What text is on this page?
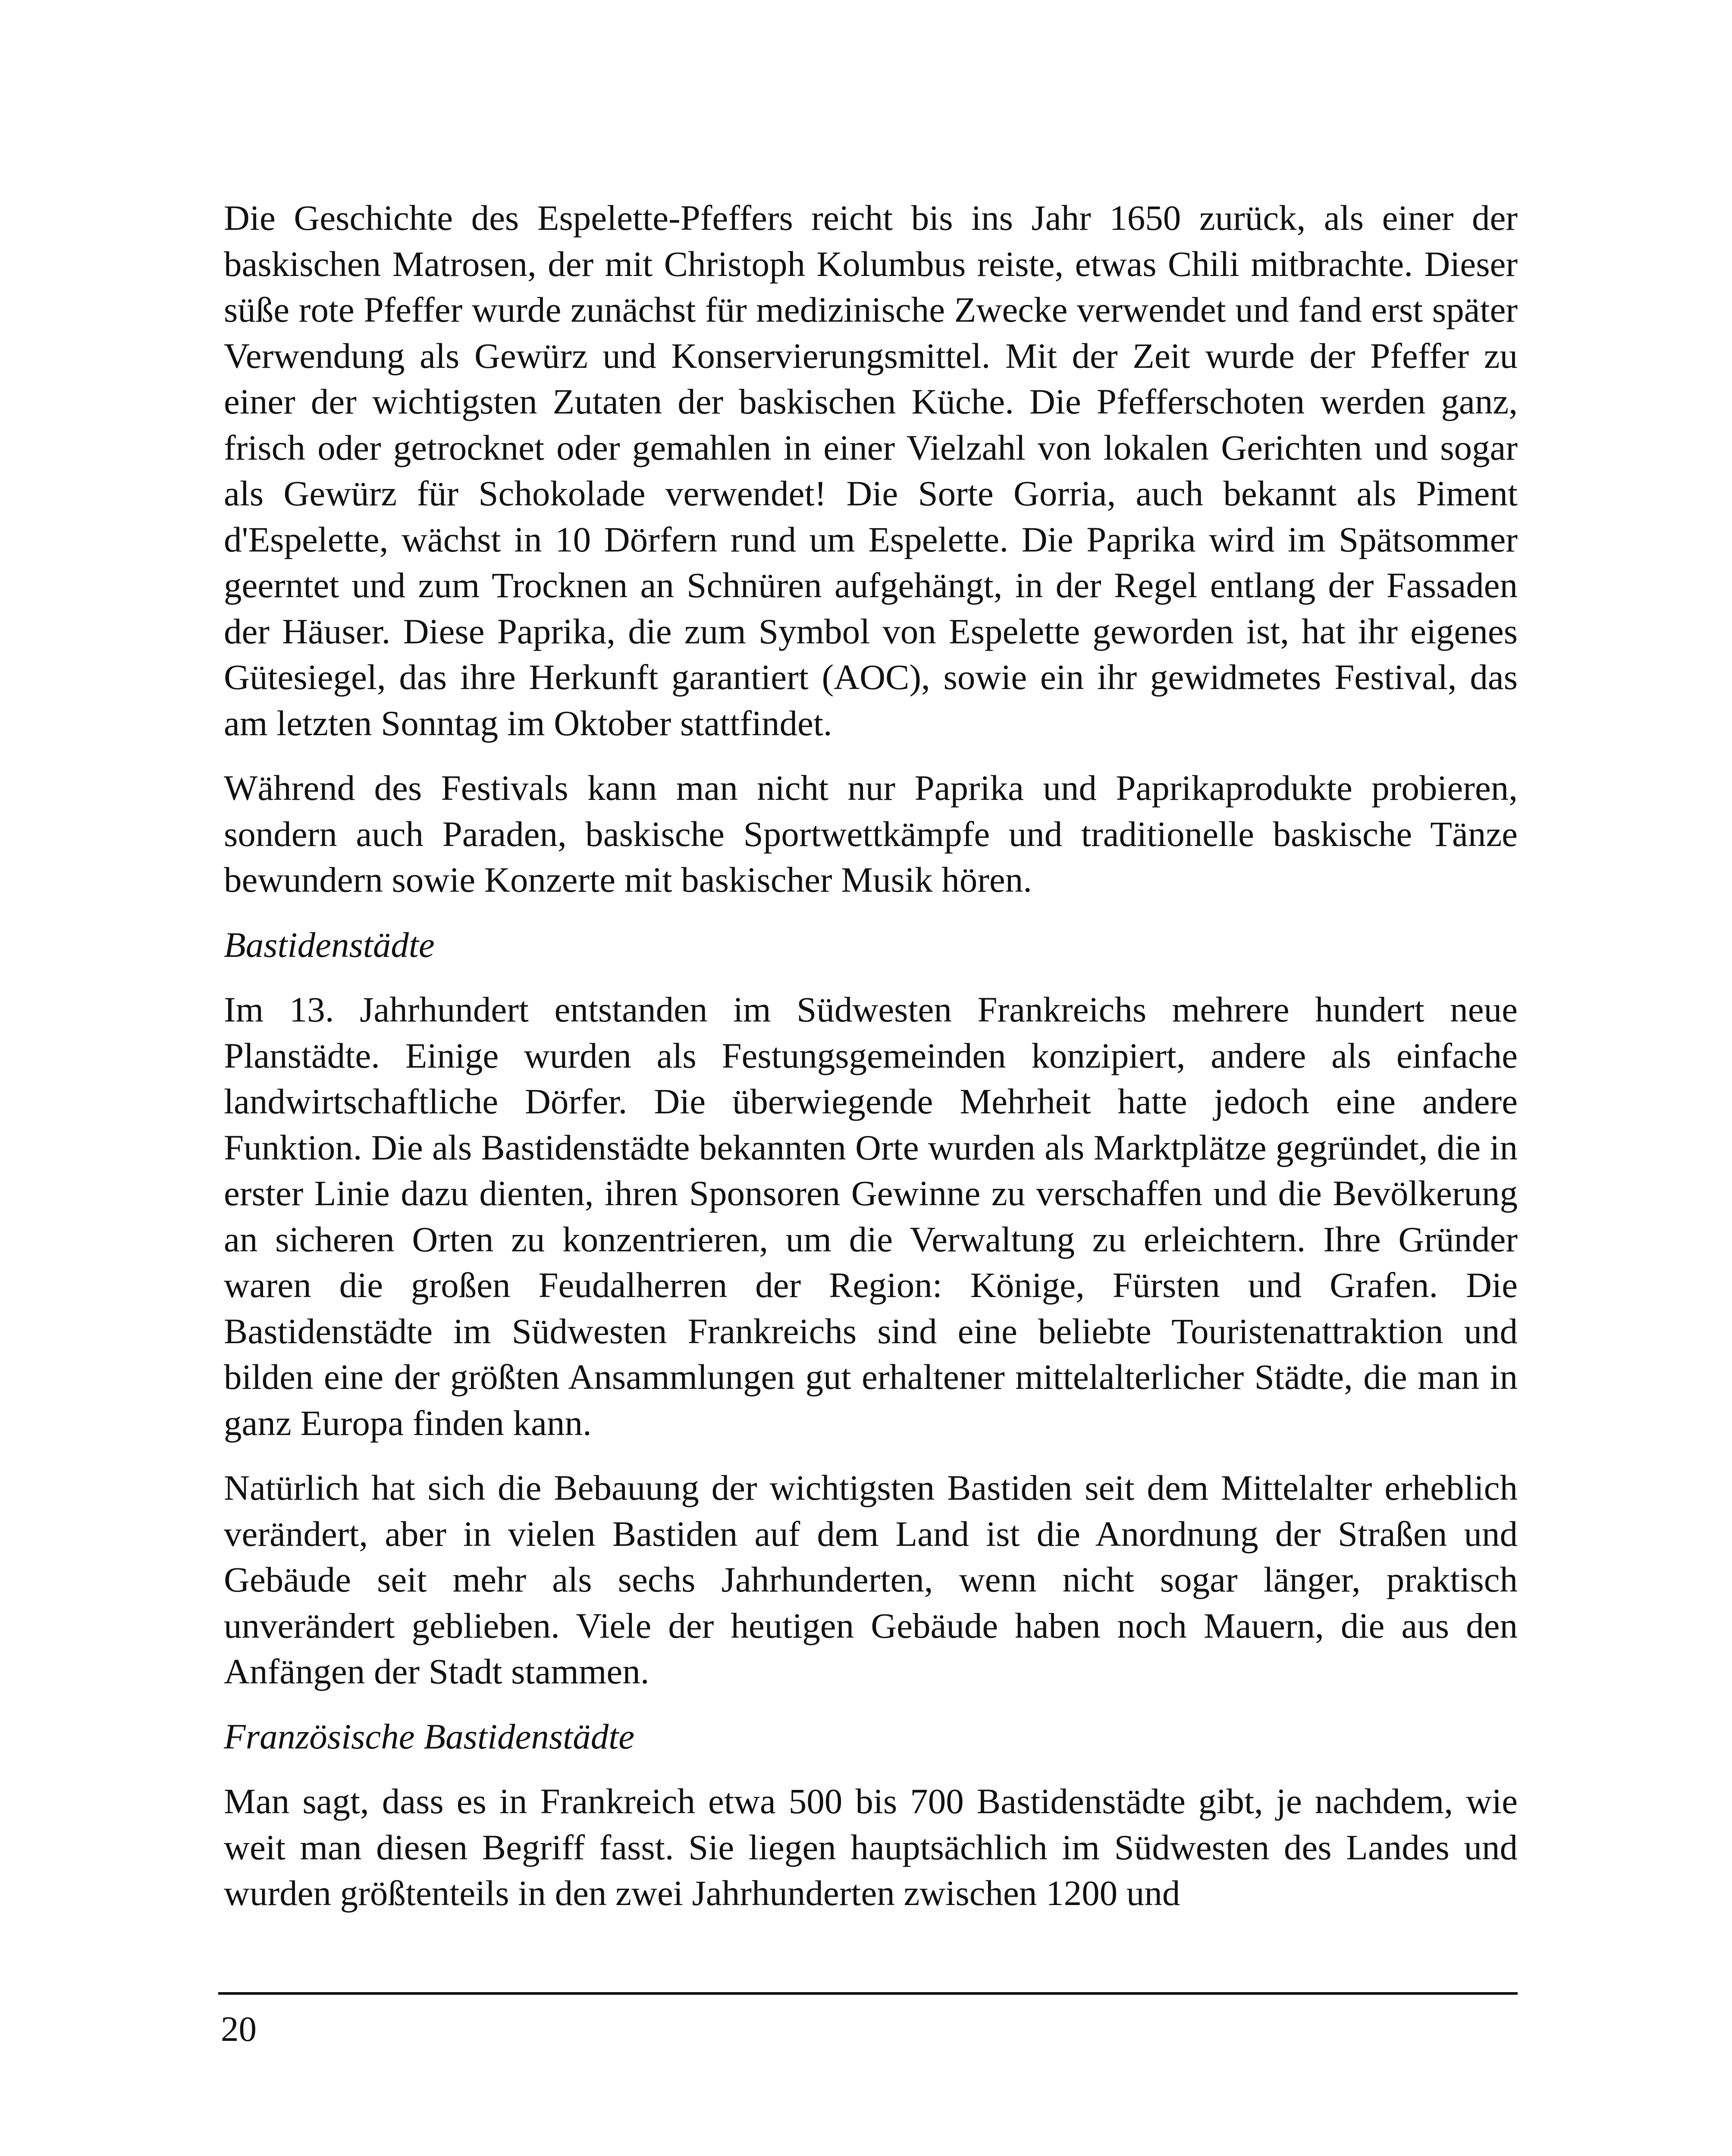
Die Geschichte des Espelette-Pfeffers reicht bis ins Jahr 1650 zurück, als einer der baskischen Matrosen, der mit Christoph Kolumbus reiste, etwas Chili mitbrachte. Dieser süße rote Pfeffer wurde zunächst für medizinische Zwecke verwendet und fand erst später Verwendung als Gewürz und Konservierungsmittel. Mit der Zeit wurde der Pfeffer zu einer der wichtigsten Zutaten der baskischen Küche. Die Pfefferschoten werden ganz, frisch oder getrocknet oder gemahlen in einer Vielzahl von lokalen Gerichten und sogar als Gewürz für Schokolade verwendet! Die Sorte Gorria, auch bekannt als Piment d'Espelette, wächst in 10 Dörfern rund um Espelette. Die Paprika wird im Spätsommer geerntet und zum Trocknen an Schnüren aufgehängt, in der Regel entlang der Fassaden der Häuser. Diese Paprika, die zum Symbol von Espelette geworden ist, hat ihr eigenes Gütesiegel, das ihre Herkunft garantiert (AOC), sowie ein ihr gewidmetes Festival, das am letzten Sonntag im Oktober stattfindet.

Während des Festivals kann man nicht nur Paprika und Paprikaprodukte probieren, sondern auch Paraden, baskische Sportwettkämpfe und traditionelle baskische Tänze bewundern sowie Konzerte mit baskischer Musik hören.

Bastidenstädte

Im 13. Jahrhundert entstanden im Südwesten Frankreichs mehrere hundert neue Planstädte. Einige wurden als Festungsgemeinden konzipiert, andere als einfache landwirtschaftliche Dörfer. Die überwiegende Mehrheit hatte jedoch eine andere Funktion. Die als Bastidenstädte bekannten Orte wurden als Marktplätze gegründet, die in erster Linie dazu dienten, ihren Sponsoren Gewinne zu verschaffen und die Bevölkerung an sicheren Orten zu konzentrieren, um die Verwaltung zu erleichtern. Ihre Gründer waren die großen Feudalherren der Region: Könige, Fürsten und Grafen. Die Bastidenstädte im Südwesten Frankreichs sind eine beliebte Touristenattraktion und bilden eine der größten Ansammlungen gut erhaltener mittelalterlicher Städte, die man in ganz Europa finden kann.

Natürlich hat sich die Bebauung der wichtigsten Bastiden seit dem Mittelalter erheblich verändert, aber in vielen Bastiden auf dem Land ist die Anordnung der Straßen und Gebäude seit mehr als sechs Jahrhunderten, wenn nicht sogar länger, praktisch unverändert geblieben. Viele der heutigen Gebäude haben noch Mauern, die aus den Anfängen der Stadt stammen.

Französische Bastidenstädte

Man sagt, dass es in Frankreich etwa 500 bis 700 Bastidenstädte gibt, je nachdem, wie weit man diesen Begriff fasst. Sie liegen hauptsächlich im Südwesten des Landes und wurden größtenteils in den zwei Jahrhunderten zwischen 1200 und

20
